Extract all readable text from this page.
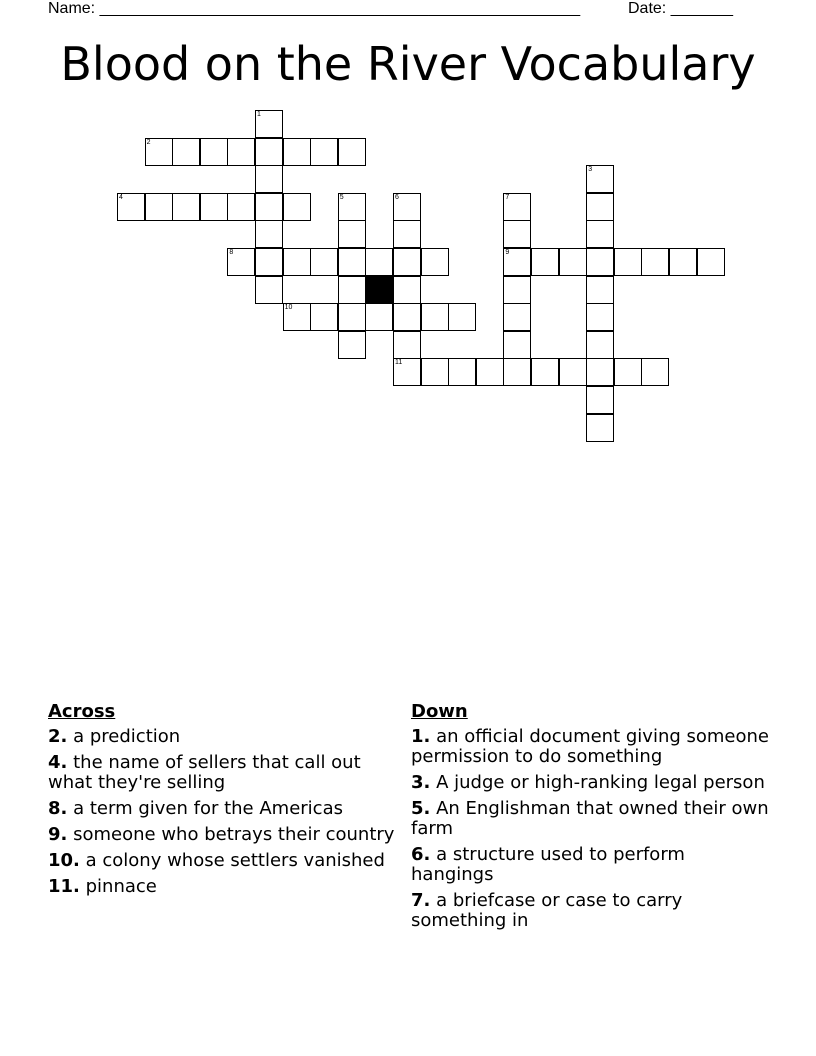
Name: ______________________________________________________

	Date: _______

Blood on the River Vocabulary
2
4
8	9
10
11
1
3
5	6	7
Across
2. a prediction
4. the name of sellers that call out what they're selling
8. a term given for the Americas
9. someone who betrays their country
10. a colony whose settlers vanished
11. pinnace
Down
1. an official document giving someone permission to do something
3. A judge or high-ranking legal person
5. An Englishman that owned their own farm
6. a structure used to perform hangings
7. a briefcase or case to carry something in
